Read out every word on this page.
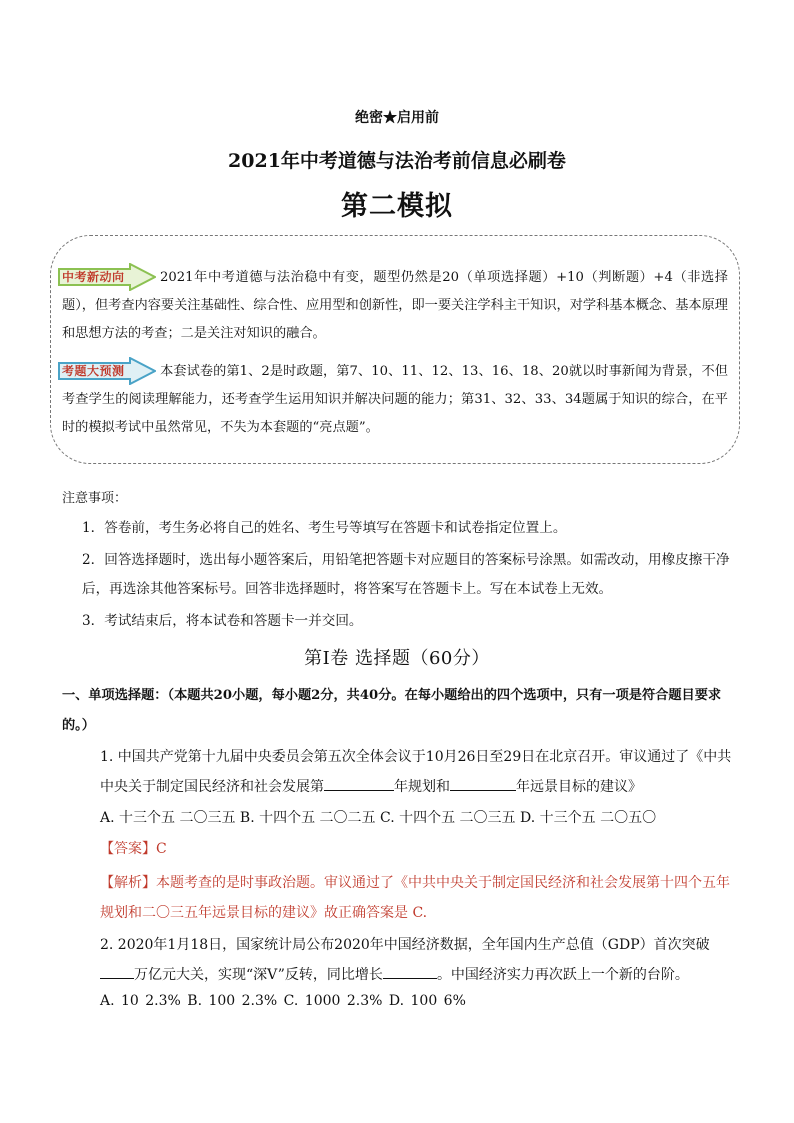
绝密★启用前
2021年中考道德与法治考前信息必刷卷
第二模拟
中考新动向	2021年中考道德与法治稳中有变，题型仍然是20（单项选择题）+10（判断题）+4（非选择题），但考查内容要关注基础性、综合性、应用型和创新性，即一要关注学科主干知识，对学科基本概念、基本原理和思想方法的考查；二是关注对知识的融合。
考题大预测	本套试卷的第1、2是时政题，第7、10、11、12、13、16、18、20就以时事新闻为背景，不但考查学生的阅读理解能力，还考查学生运用知识并解决问题的能力；第31、32、33、34题属于知识的综合，在平时的模拟考试中虽然常见，不失为本套题的“亮点题”。
注意事项：
1．答卷前，考生务必将自己的姓名、考生号等填写在答题卡和试卷指定位置上。
2．回答选择题时，选出每小题答案后，用铅笔把答题卡对应题目的答案标号涂黑。如需改动，用橡皮擦干净后，再选涂其他答案标号。回答非选择题时，将答案写在答题卡上。写在本试卷上无效。
3．考试结束后，将本试卷和答题卡一并交回。
第I卷 选择题（60分）
一、单项选择题：（本题共20小题，每小题2分，共40分。在每小题给出的四个选项中，只有一项是符合题目要求的。）
1. 中国共产党第十九届中央委员会第五次全体会议于10月26日至29日在北京召开。审议通过了《中共中央关于制定国民经济和社会发展第	年规划和	年远景目标的建议》
A. 十三个五 二〇三五 B. 十四个五 二〇二五 C. 十四个五 二〇三五 D. 十三个五 二〇五〇
【答案】C
【解析】本题考查的是时事政治题。审议通过了《中共中央关于制定国民经济和社会发展第十四个五年规划和二〇三五年远景目标的建议》故正确答案是 C.
2. 2020年1月18日，国家统计局公布2020年中国经济数据，全年国内生产总值（GDP）首次突破万亿元大关，实现“深V”反转，同比增长	。中国经济实力再次跃上一个新的台阶。
A. 10 2.3% B. 100 2.3% C. 1000 2.3% D. 100 6%
